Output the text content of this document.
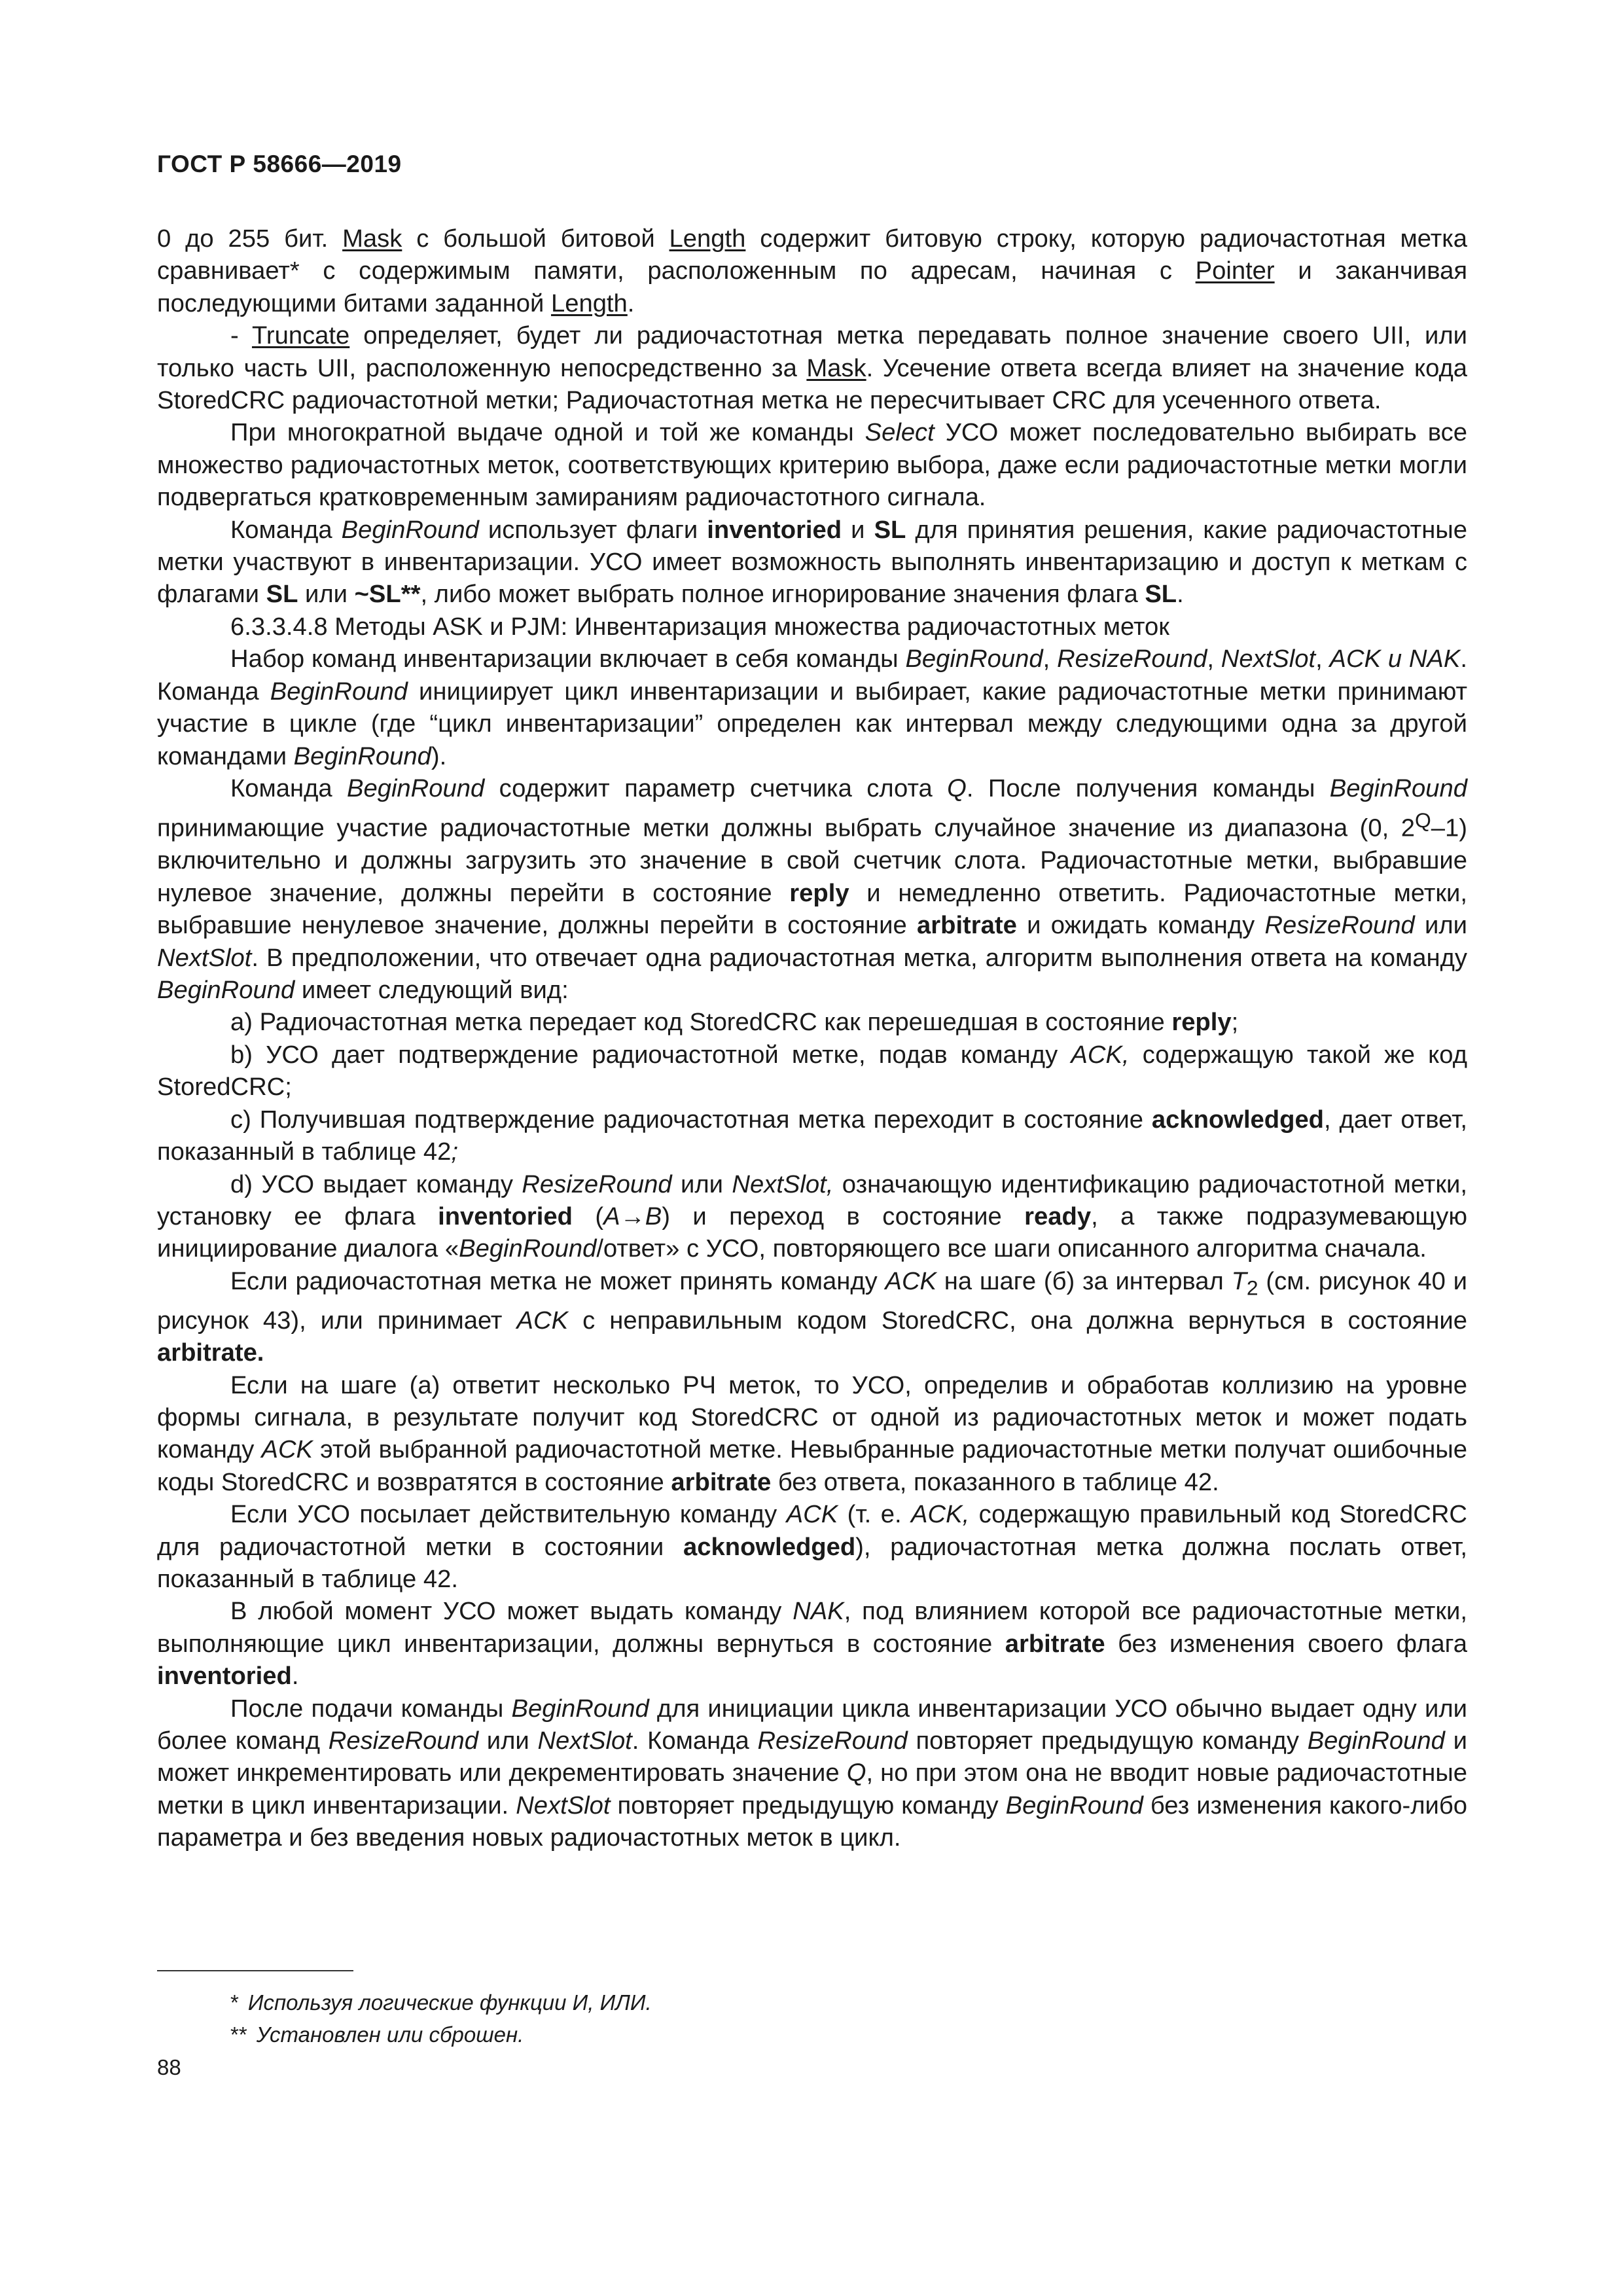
ГОСТ Р 58666—2019

0 до 255 бит. Mask с большой битовой Length содержит битовую строку, которую радиочастотная метка сравнивает* с содержимым памяти, расположенным по адресам, начиная с Pointer и заканчивая последующими битами заданной Length.

- Truncate определяет, будет ли радиочастотная метка передавать полное значение своего UII, или только часть UII, расположенную непосредственно за Mask. Усечение ответа всегда влияет на значение кода StoredCRC радиочастотной метки; Радиочастотная метка не пересчитывает CRC для усеченного ответа.

При многократной выдаче одной и той же команды Select УСО может последовательно выбирать все множество радиочастотных меток, соответствующих критерию выбора, даже если радиочастотные метки могли подвергаться кратковременным замираниям радиочастотного сигнала.

Команда BeginRound использует флаги inventoried и SL для принятия решения, какие радиочастотные метки участвуют в инвентаризации. УСО имеет возможность выполнять инвентаризацию и доступ к меткам с флагами SL или ~SL**, либо может выбрать полное игнорирование значения флага SL.

6.3.3.4.8 Методы ASK и PJM: Инвентаризация множества радиочастотных меток

Набор команд инвентаризации включает в себя команды BeginRound, ResizeRound, NextSlot, ACK и NAK. Команда BeginRound инициирует цикл инвентаризации и выбирает, какие радиочастотные метки принимают участие в цикле (где “цикл инвентаризации” определен как интервал между следующими одна за другой командами BeginRound).

Команда BeginRound содержит параметр счетчика слота Q. После получения команды BeginRound принимающие участие радиочастотные метки должны выбрать случайное значение из диапазона (0, $2^Q-1$) включительно и должны загрузить это значение в свой счетчик слота. Радиочастотные метки, выбравшие нулевое значение, должны перейти в состояние reply и немедленно ответить. Радиочастотные метки, выбравшие ненулевое значение, должны перейти в состояние arbitrate и ожидать команду ResizeRound или NextSlot. В предположении, что отвечает одна радиочастотная метка, алгоритм выполнения ответа на команду BeginRound имеет следующий вид:

а) Радиочастотная метка передает код StoredCRC как перешедшая в состояние reply;

b) УСО дает подтверждение радиочастотной метке, подав команду ACK, содержащую такой же код StoredCRC;

с) Получившая подтверждение радиочастотная метка переходит в состояние acknowledged, дает ответ, показанный в таблице 42;

d) УСО выдает команду ResizeRound или NextSlot, означающую идентификацию радиочастотной метки, установку ее флага inventoried (A→B) и переход в состояние ready, а также подразумевающую инициирование диалога «BeginRound/ответ» с УСО, повторяющего все шаги описанного алгоритма сначала.

Если радиочастотная метка не может принять команду ACK на шаге (б) за интервал $T_2$ (см. рисунок 40 и рисунок 43), или принимает ACK с неправильным кодом StoredCRC, она должна вернуться в состояние arbitrate.

Если на шаге (а) ответит несколько РЧ меток, то УСО, определив и обработав коллизию на уровне формы сигнала, в результате получит код StoredCRC от одной из радиочастотных меток и может подать команду ACK этой выбранной радиочастотной метке. Невыбранные радиочастотные метки получат ошибочные коды StoredCRC и возвратятся в состояние arbitrate без ответа, показанного в таблице 42.

Если УСО посылает действительную команду ACK (т. е. ACK, содержащую правильный код StoredCRC для радиочастотной метки в состоянии acknowledged), радиочастотная метка должна послать ответ, показанный в таблице 42.

В любой момент УСО может выдать команду NAK, под влиянием которой все радиочастотные метки, выполняющие цикл инвентаризации, должны вернуться в состояние arbitrate без изменения своего флага inventoried.

После подачи команды BeginRound для инициации цикла инвентаризации УСО обычно выдает одну или более команд ResizeRound или NextSlot. Команда ResizeRound повторяет предыдущую команду BeginRound и может инкрементировать или декрементировать значение Q, но при этом она не вводит новые радиочастотные метки в цикл инвентаризации. NextSlot повторяет предыдущую команду BeginRound без изменения какого-либо параметра и без введения новых радиочастотных меток в цикл.

* Используя логические функции И, ИЛИ.
** Установлен или сброшен.
88
